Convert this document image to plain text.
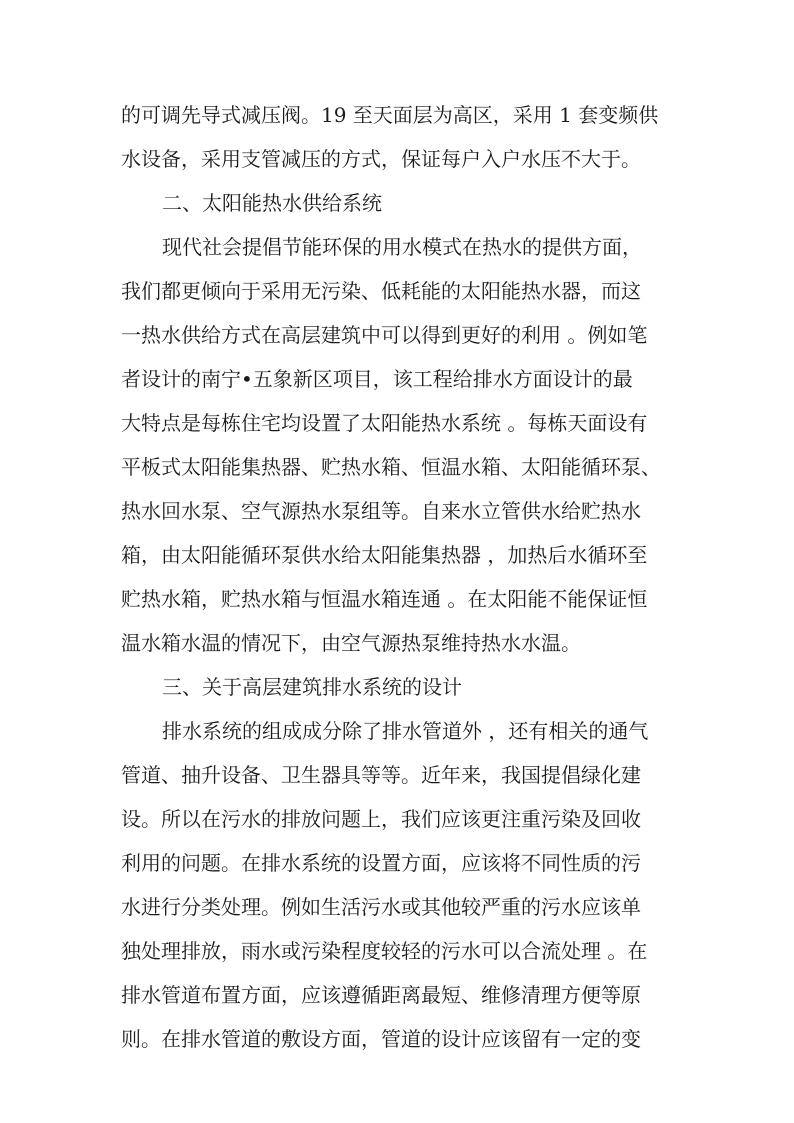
的可调先导式减压阀。19 至天面层为高区，采用 1 套变频供
水设备，采用支管减压的方式，保证每户入户水压不大于。
二、太阳能热水供给系统
现代社会提倡节能环保的用水模式在热水的提供方面，
我们都更倾向于采用无污染、低耗能的太阳能热水器，而这
一热水供给方式在高层建筑中可以得到更好的利用 。例如笔
者设计的南宁•五象新区项目，该工程给排水方面设计的最
大特点是每栋住宅均设置了太阳能热水系统 。每栋天面设有
平板式太阳能集热器、贮热水箱、恒温水箱、太阳能循环泵、
热水回水泵、空气源热水泵组等。自来水立管供水给贮热水
箱，由太阳能循环泵供水给太阳能集热器 ，加热后水循环至
贮热水箱，贮热水箱与恒温水箱连通 。在太阳能不能保证恒
温水箱水温的情况下，由空气源热泵维持热水水温。
三、关于高层建筑排水系统的设计
排水系统的组成成分除了排水管道外 ，还有相关的通气
管道、抽升设备、卫生器具等等。近年来，我国提倡绿化建
设。所以在污水的排放问题上，我们应该更注重污染及回收
利用的问题。在排水系统的设置方面，应该将不同性质的污
水进行分类处理。例如生活污水或其他较严重的污水应该单
独处理排放，雨水或污染程度较轻的污水可以合流处理 。在
排水管道布置方面，应该遵循距离最短、维修清理方便等原
则。在排水管道的敷设方面，管道的设计应该留有一定的变
